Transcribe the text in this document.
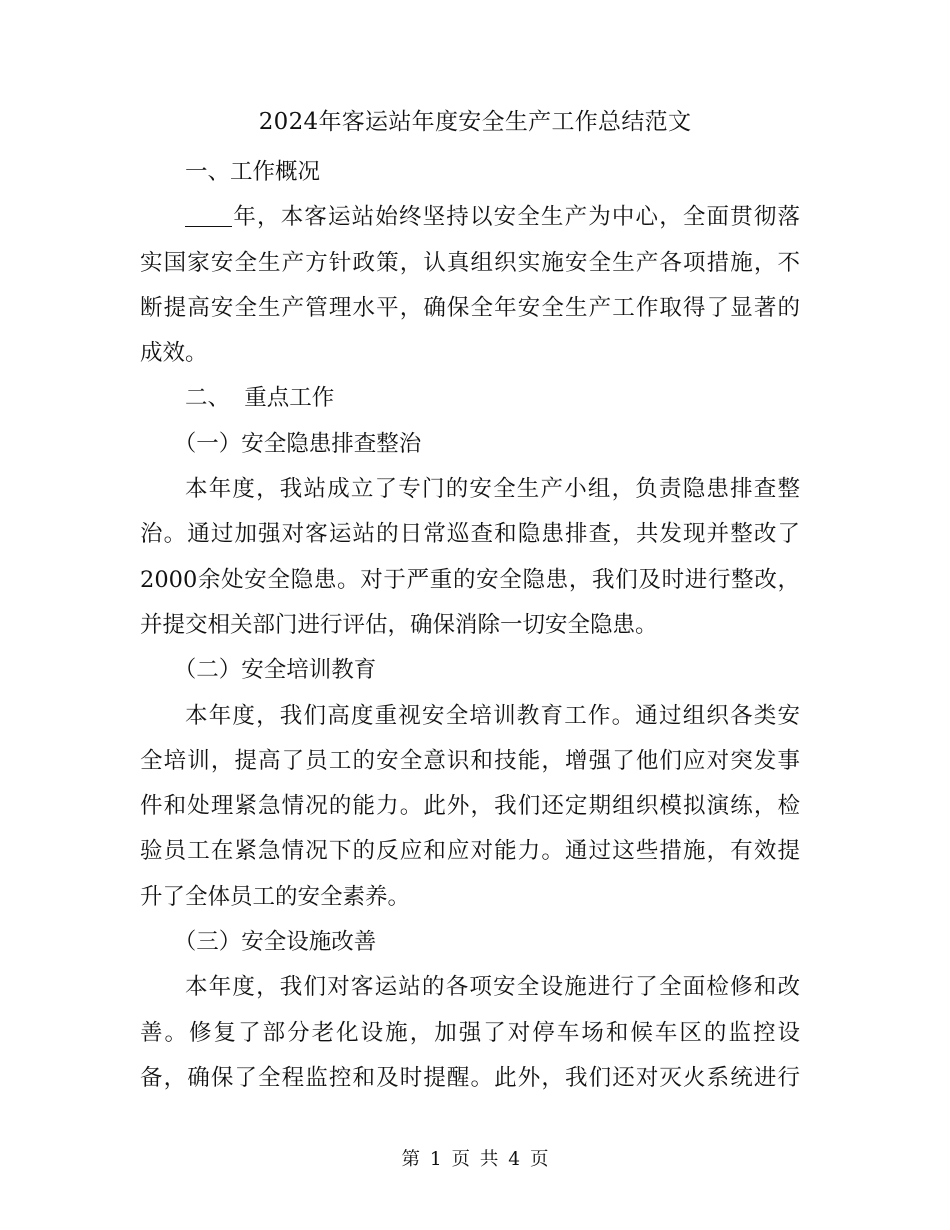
2024年客运站年度安全生产工作总结范文

一、工作概况

年，本客运站始终坚持以安全生产为中心，全面贯彻落
实国家安全生产方针政策，认真组织实施安全生产各项措施，不
断提高安全生产管理水平，确保全年安全生产工作取得了显著的
成效。

二、  重点工作

（一）安全隐患排查整治

本年度，我站成立了专门的安全生产小组，负责隐患排查整
治。通过加强对客运站的日常巡查和隐患排查，共发现并整改了
2000余处安全隐患。对于严重的安全隐患，我们及时进行整改，
并提交相关部门进行评估，确保消除一切安全隐患。

（二）安全培训教育

本年度，我们高度重视安全培训教育工作。通过组织各类安
全培训，提高了员工的安全意识和技能，增强了他们应对突发事
件和处理紧急情况的能力。此外，我们还定期组织模拟演练，检
验员工在紧急情况下的反应和应对能力。通过这些措施，有效提
升了全体员工的安全素养。

（三）安全设施改善

本年度，我们对客运站的各项安全设施进行了全面检修和改
善。修复了部分老化设施，加强了对停车场和候车区的监控设
备，确保了全程监控和及时提醒。此外，我们还对灭火系统进行

第 1 页 共 4 页
